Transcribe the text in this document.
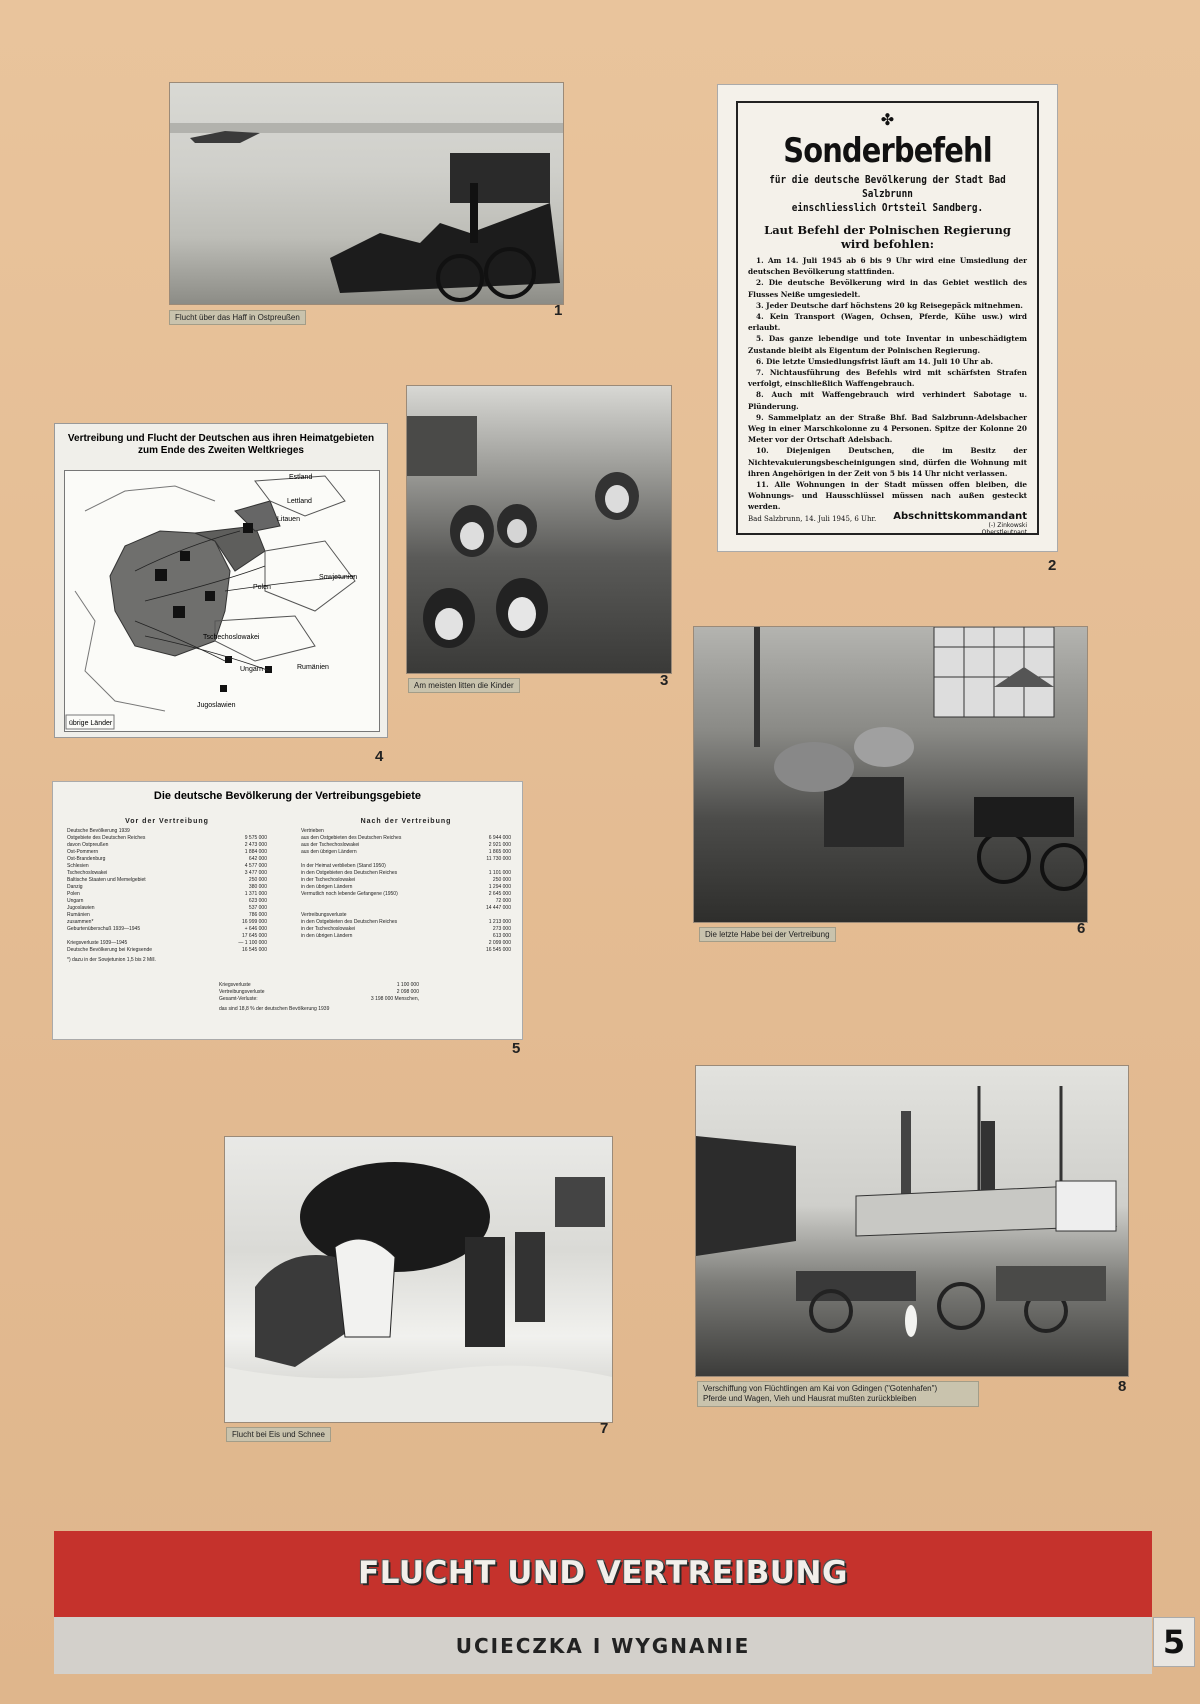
Flucht über das Haff in Ostpreußen	1
✤
Sonderbefehl
für die deutsche Bevölkerung der Stadt Bad Salzbrunn
einschliesslich Ortsteil Sandberg.
Laut Befehl der Polnischen Regierung wird befohlen:

1. Am 14. Juli 1945 ab 6 bis 9 Uhr wird eine Umsiedlung der deutschen Bevölkerung stattfinden.

2. Die deutsche Bevölkerung wird in das Gebiet westlich des Flusses Neiße umgesiedelt.

3. Jeder Deutsche darf höchstens 20 kg Reisegepäck mitnehmen.

4. Kein Transport (Wagen, Ochsen, Pferde, Kühe usw.) wird erlaubt.

5. Das ganze lebendige und tote Inventar in unbeschädigtem Zustande bleibt als Eigentum der Polnischen Regierung.

6. Die letzte Umsiedlungsfrist läuft am 14. Juli 10 Uhr ab.

7. Nichtausführung des Befehls wird mit schärfsten Strafen verfolgt, einschließlich Waffengebrauch.

8. Auch mit Waffengebrauch wird verhindert Sabotage u. Plünderung.

9. Sammelplatz an der Straße Bhf. Bad Salzbrunn-Adelsbacher Weg in einer Marschkolonne zu 4 Personen. Spitze der Kolonne 20 Meter vor der Ortschaft Adelsbach.

10. Diejenigen Deutschen, die im Besitz der Nichtevakuierungsbescheinigungen sind, dürfen die Wohnung mit ihren Angehörigen in der Zeit von 5 bis 14 Uhr nicht verlassen.

11. Alle Wohnungen in der Stadt müssen offen bleiben, die Wohnungs- und Hausschlüssel müssen nach außen gesteckt werden.

Bad Salzbrunn, 14. Juli 1945, 6 Uhr. Abschnittskommandant
(-) Zinkowski
Oberstleutnant
2
Am meisten litten die Kinder	3
Vertreibung und Flucht der Deutschen aus ihren Heimatgebieten
zum Ende des Zweiten Weltkrieges
Estland
Lettland
Litauen
Sowjetunion
Polen
Tschechoslowakei
Ungarn	Rumänien
Jugoslawien
übrige Länder
4
Die deutsche Bevölkerung der Vertreibungsgebiete
Vor der Vertreibung
Deutsche Bevölkerung 1939
Ostgebiete des Deutschen Reiches	9 575 000
davon Ostpreußen	2 473 000
Ost-Pommern	1 884 000
Ost-Brandenburg	642 000
Schlesien	4 577 000
Tschechoslowakei	3 477 000
Baltische Staaten und Memelgebiet	250 000
Danzig	380 000
Polen	1 371 000
Ungarn	623 000
Jugoslawien	537 000
Rumänien	786 000
zusammen*	16 999 000
Geburtenüberschuß 1939—1945	+ 646 000
17 645 000
Kriegsverluste 1939—1945	— 1 100 000
Deutsche Bevölkerung bei Kriegsende	16 545 000
*) dazu in der Sowjetunion 1,5 bis 2 Mill.
Nach der Vertreibung
Vertrieben
aus den Ostgebieten des Deutschen Reiches	6 944 000
aus der Tschechoslowakei	2 921 000
aus den übrigen Ländern	1 865 000
11 730 000
In der Heimat verblieben (Stand 1950)
in den Ostgebieten des Deutschen Reiches	1 101 000
in der Tschechoslowakei	250 000
in den übrigen Ländern	1 294 000
Vermutlich noch lebende Gefangene (1950)	2 645 000
72 000
14 447 000
Vertreibungsverluste
in den Ostgebieten des Deutschen Reiches	1 213 000
in der Tschechoslowakei	273 000
in den übrigen Ländern	613 000
2 099 000
16 545 000
Kriegsverluste	1 100 000
Vertreibungsverluste	2 098 000
Gesamt-Verluste:	3 198 000 Menschen,
das sind 18,8 % der deutschen Bevölkerung 1939
5
Die letzte Habe bei der Vertreibung	6
Flucht bei Eis und Schnee	7
Verschiffung von Flüchtlingen am Kai von Gdingen ("Gotenhafen")
Pferde und Wagen, Vieh und Hausrat mußten zurückbleiben
8
FLUCHT UND VERTREIBUNG
UCIECZKA I WYGNANIE	5
